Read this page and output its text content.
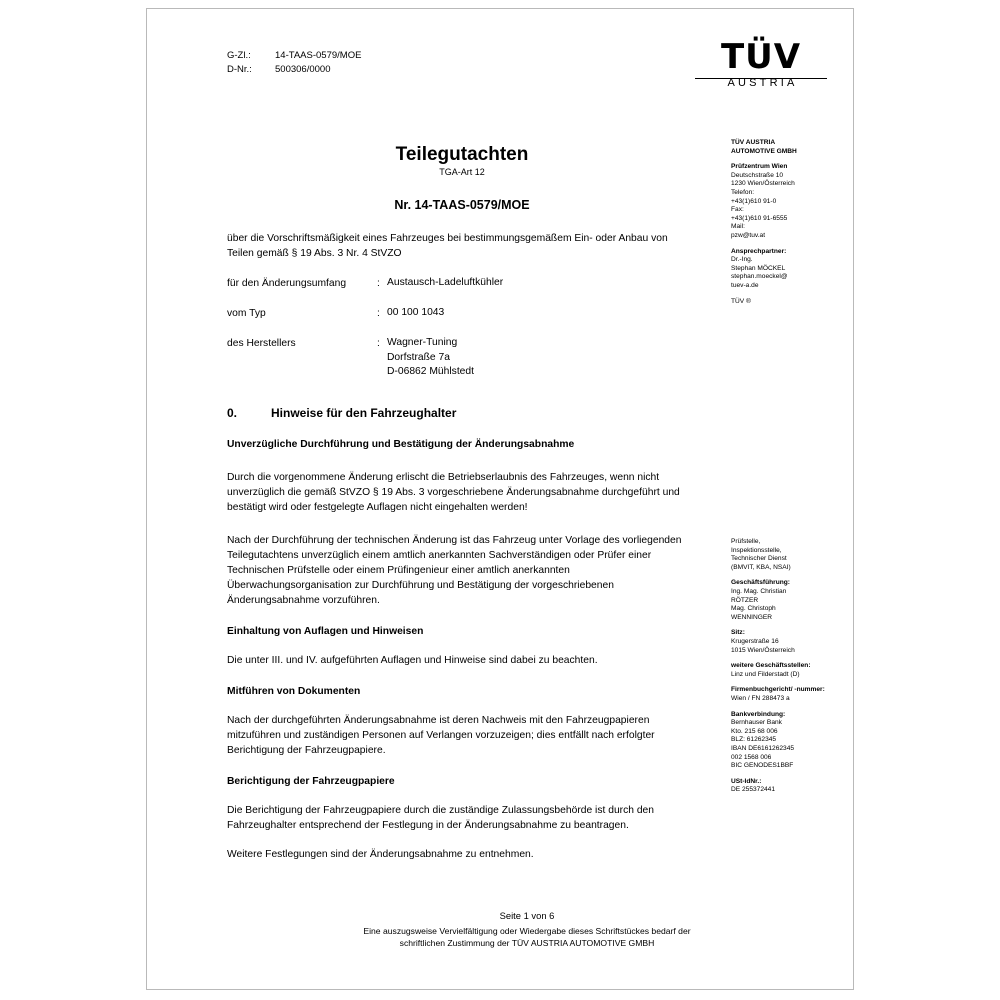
G-Zl.:	14-TAAS-0579/MOE
D-Nr.:	500306/0000	TÜV
AUSTRIA
Teilegutachten
TGA-Art 12
Nr. 14-TAAS-0579/MOE
über die Vorschriftsmäßigkeit eines Fahrzeuges bei bestimmungsgemäßem Ein- oder Anbau von Teilen gemäß § 19 Abs. 3 Nr. 4 StVZO
für den Änderungsumfang	: Austausch-Ladeluftkühler
vom Typ	: 00 100 1043
des Herstellers	: Wagner-Tuning
Dorfstraße 7a
D-06862 Mühlstedt
0.	Hinweise für den Fahrzeughalter
Unverzügliche Durchführung und Bestätigung der Änderungsabnahme
Durch die vorgenommene Änderung erlischt die Betriebserlaubnis des Fahrzeuges, wenn nicht unverzüglich die gemäß StVZO § 19 Abs. 3 vorgeschriebene Änderungsabnahme durchgeführt und bestätigt wird oder festgelegte Auflagen nicht eingehalten werden!
Nach der Durchführung der technischen Änderung ist das Fahrzeug unter Vorlage des vorliegenden Teilegutachtens unverzüglich einem amtlich anerkannten Sachverständigen oder Prüfer einer Technischen Prüfstelle oder einem Prüfingenieur einer amtlich anerkannten Überwachungsorganisation zur Durchführung und Bestätigung der vorgeschriebenen Änderungsabnahme vorzuführen.
Einhaltung von Auflagen und Hinweisen
Die unter III. und IV. aufgeführten Auflagen und Hinweise sind dabei zu beachten.
Mitführen von Dokumenten
Nach der durchgeführten Änderungsabnahme ist deren Nachweis mit den Fahrzeugpapieren mitzuführen und zuständigen Personen auf Verlangen vorzuzeigen; dies entfällt nach erfolgter Berichtigung der Fahrzeugpapiere.
Berichtigung der Fahrzeugpapiere
Die Berichtigung der Fahrzeugpapiere durch die zuständige Zulassungsbehörde ist durch den Fahrzeughalter entsprechend der Festlegung in der Änderungsabnahme zu beantragen.
Weitere Festlegungen sind der Änderungsabnahme zu entnehmen.
TÜV AUSTRIA
AUTOMOTIVE GMBH
Prüfzentrum Wien
Deutschstraße 10
1230 Wien/Österreich
Telefon:
+43(1)610 91-0
Fax:
+43(1)610 91-6555
Mail:
pzw@tuv.at
Ansprechpartner:
Dr.-Ing.
Stephan MÖCKEL
stephan.moeckel@
tuev-a.de
TÜV ®
Prüfstelle,
Inspektionsstelle,
Technischer Dienst
(BMVIT, KBA, NSAI)
Geschäftsführung:
Ing. Mag. Christian
RÖTZER
Mag. Christoph
WENNINGER
Sitz:
Krugerstraße 16
1015 Wien/Österreich
weitere Geschäftsstellen:
Linz und Filderstadt (D)
Firmenbuchgericht/ -nummer:
Wien / FN 288473 a
Bankverbindung:
Bernhauser Bank
Kto. 215 68 006
BLZ: 61262345
IBAN DE6161262345
002 1568 006
BIC GENODES1BBF
USt-IdNr.:
DE 255372441
Seite 1 von 6
Eine auszugsweise Vervielfältigung oder Wiedergabe dieses Schriftstückes bedarf der
schriftlichen Zustimmung der TÜV AUSTRIA AUTOMOTIVE GMBH
